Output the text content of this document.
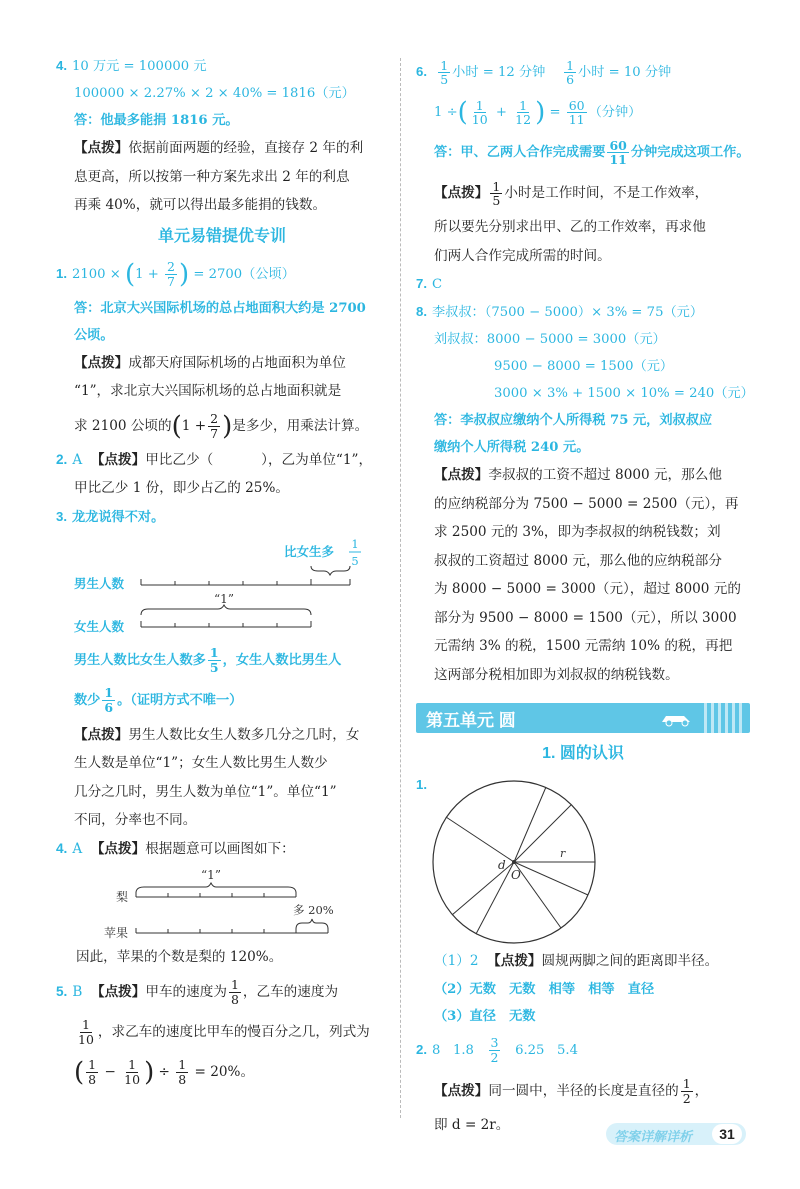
4. 10 万元 = 100000 元
100000 × 2.27% × 2 × 40% = 1816（元）
答：他最多能捐 1816 元。
【点拨】依据前面两题的经验，直接存 2 年的利
息更高，所以按第一种方案先求出 2 年的利息
再乘 40%，就可以得出最多能捐的钱数。
单元易错提优专训
1. $2100 \times (1 + \frac{2}{7}$ ) = 2700（公顷）
答：北京大兴国际机场的总占地面积大约是 2700
公顷。
【点拨】成都天府国际机场的占地面积为单位
“1”，求北京大兴国际机场的总占地面积就是
求 2100 公顷的($1 + \frac{2}{7}$ )是多少，用乘法计算。
2. A 【点拨】甲比乙少（	），乙为单位“1”，
甲比乙少 1 份，即少占乙的 25%。
3. 龙龙说得不对。
比女生多 1
5
男生人数
“1”
女生人数
男生人数比女生人数多 $\frac{1}{5}$ ，女生人数比男生人
数少 $\frac{1}{6}$ 。（证明方式不唯一）
【点拨】男生人数比女生人数多几分之几时，女
生人数是单位“1”；女生人数比男生人数少
几分之几时，男生人数为单位“1”。单位“1”
不同，分率也不同。
4. A 【点拨】根据题意可以画图如下：
“1”
梨
多 20%
苹果
因此，苹果的个数是梨的 120%。
5. B 【点拨】甲车的速度为 $\frac{1}{8}$ ，乙车的速度为
$\frac{1}{10}$ ，求乙车的速度比甲车的慢百分之几，列式为
( $\frac{1}{8} - \frac{1}{10}$ ) ÷ $\frac{1}{8} = 20\%$。
6. $\frac{1}{5}$ 小时 = 12 分钟 $\frac{1}{6}$ 小时 = 10 分钟
1 ÷( $\frac{1}{10} + \frac{1}{12}$ ) = $\frac{60}{11}$ （分钟）
答：甲、乙两人合作完成需要 $\frac{60}{11}$ 分钟完成这项工作。
【点拨】 $\frac{1}{5}$ 小时是工作时间，不是工作效率，
所以要先分别求出甲、乙的工作效率，再求他
们两人合作完成所需的时间。
7. C
8. 李叔叔：（7500 − 5000）× 3% = 75（元）
刘叔叔：8000 − 5000 = 3000（元）
9500 − 8000 = 1500（元）
3000 × 3% + 1500 × 10% = 240（元）
答：李叔叔应缴纳个人所得税 75 元，刘叔叔应
缴纳个人所得税 240 元。
【点拨】李叔叔的工资不超过 8000 元，那么他
的应纳税部分为 7500 − 5000 = 2500（元），再
求 2500 元的 3%，即为李叔叔的纳税钱数；刘
叔叔的工资超过 8000 元，那么他的应纳税部分
为 8000 − 5000 = 3000（元），超过 8000 元的
部分为 9500 − 8000 = 1500（元），所以 3000
元需纳 3% 的税，1500 元需纳 10% 的税，再把
这两部分税相加即为刘叔叔的纳税钱数。
第五单元 圆
1. 圆的认识
1.
d
O
r
（1）2 【点拨】圆规两脚之间的距离即半径。
（2）无数　无数　相等　相等　直径
（3）直径　无数
2. 8 $1.8 \frac{3}{2} 6.25$ 5.4
【点拨】同一圆中，半径的长度是直径的 $\frac{1}{2}$ ，
即 d = 2r。
答案详解详析	31
